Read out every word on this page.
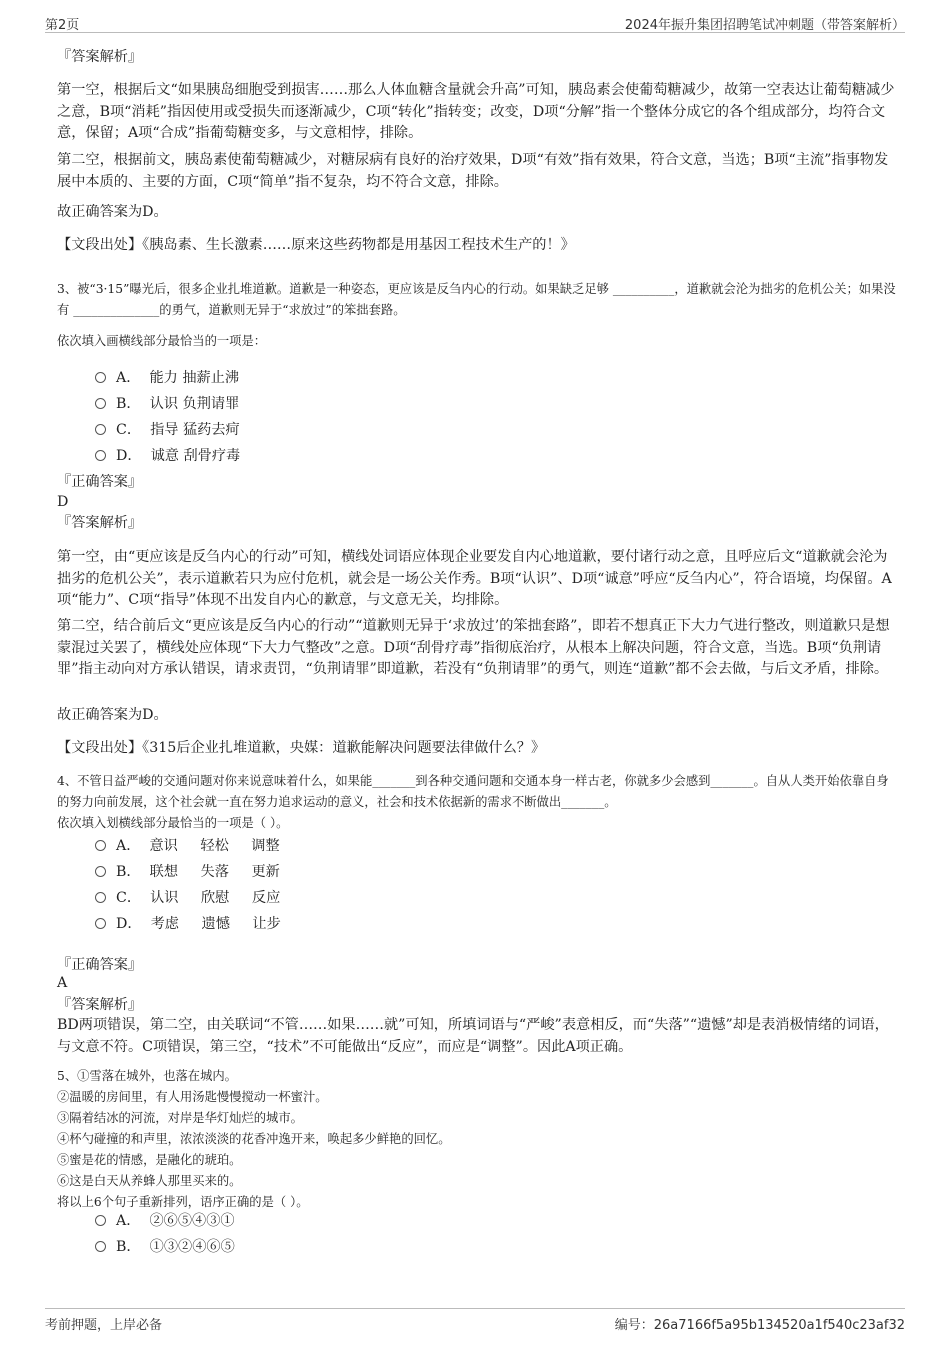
第2页	2024年振升集团招聘笔试冲刺题（带答案解析）
『答案解析』

第一空，根据后文“如果胰岛细胞受到损害……那么人体血糖含量就会升高”可知，胰岛素会使葡萄糖减少，故第一空表达让葡萄糖减少之意，B项“消耗”指因使用或受损失而逐渐减少，C项“转化”指转变；改变，D项“分解”指一个整体分成它的各个组成部分，均符合文意，保留；A项“合成”指葡萄糖变多，与文意相悖，排除。

第二空，根据前文，胰岛素使葡萄糖减少，对糖尿病有良好的治疗效果，D项“有效”指有效果，符合文意，当选；B项“主流”指事物发展中本质的、主要的方面，C项“简单”指不复杂，均不符合文意，排除。

故正确答案为D。

【文段出处】《胰岛素、生长激素……原来这些药物都是用基因工程技术生产的！》

3、被“3·15”曝光后，很多企业扎堆道歉。道歉是一种姿态，更应该是反刍内心的行动。如果缺乏足够 __________，道歉就会沦为拙劣的危机公关；如果没有 ______________的勇气，道歉则无异于“求放过”的笨拙套路。

依次填入画横线部分最恰当的一项是：

A．  能力 抽薪止沸
B．  认识 负荆请罪
C．  指导 猛药去疴
D．  诚意 刮骨疗毒
『正确答案』
D
『答案解析』

第一空，由“更应该是反刍内心的行动”可知，横线处词语应体现企业要发自内心地道歉，要付诸行动之意，且呼应后文“道歉就会沦为拙劣的危机公关”，表示道歉若只为应付危机，就会是一场公关作秀。B项“认识”、D项“诚意”呼应“反刍内心”，符合语境，均保留。A项“能力”、C项“指导”体现不出发自内心的歉意，与文意无关，均排除。

第二空，结合前后文“更应该是反刍内心的行动”“道歉则无异于‘求放过’的笨拙套路”，即若不想真正下大力气进行整改，则道歉只是想蒙混过关罢了，横线处应体现“下大力气整改”之意。D项“刮骨疗毒”指彻底治疗，从根本上解决问题，符合文意，当选。B项“负荆请罪”指主动向对方承认错误，请求责罚，“负荆请罪”即道歉，若没有“负荆请罪”的勇气，则连“道歉”都不会去做，与后文矛盾，排除。

故正确答案为D。

【文段出处】《315后企业扎堆道歉，央媒：道歉能解决问题要法律做什么？》

4、不管日益严峻的交通问题对你来说意味着什么，如果能_______到各种交通问题和交通本身一样古老，你就多少会感到_______。自从人类开始依靠自身的努力向前发展，这个社会就一直在努力追求运动的意义，社会和技术依据新的需求不断做出_______。

依次填入划横线部分最恰当的一项是（ ）。

A．  意识     轻松     调整
B．  联想     失落     更新
C．  认识     欣慰     反应
D．  考虑     遗憾     让步
『正确答案』
A
『答案解析』

BD两项错误，第二空，由关联词“不管……如果……就”可知，所填词语与“严峻”表意相反，而“失落”“遗憾”却是表消极情绪的词语，与文意不符。C项错误，第三空，“技术”不可能做出“反应”，而应是“调整”。因此A项正确。

5、①雪落在城外，也落在城内。
②温暖的房间里，有人用汤匙慢慢搅动一杯蜜汁。
③隔着结冰的河流，对岸是华灯灿烂的城市。
④杯勺碰撞的和声里，浓浓淡淡的花香冲逸开来，唤起多少鲜艳的回忆。
⑤蜜是花的情感，是融化的琥珀。
⑥这是白天从养蜂人那里买来的。
将以上6个句子重新排列，语序正确的是（ ）。
A．  ②⑥⑤④③①
B．  ①③②④⑥⑤
考前押题，上岸必备	编号：26a7166f5a95b134520a1f540c23af32
